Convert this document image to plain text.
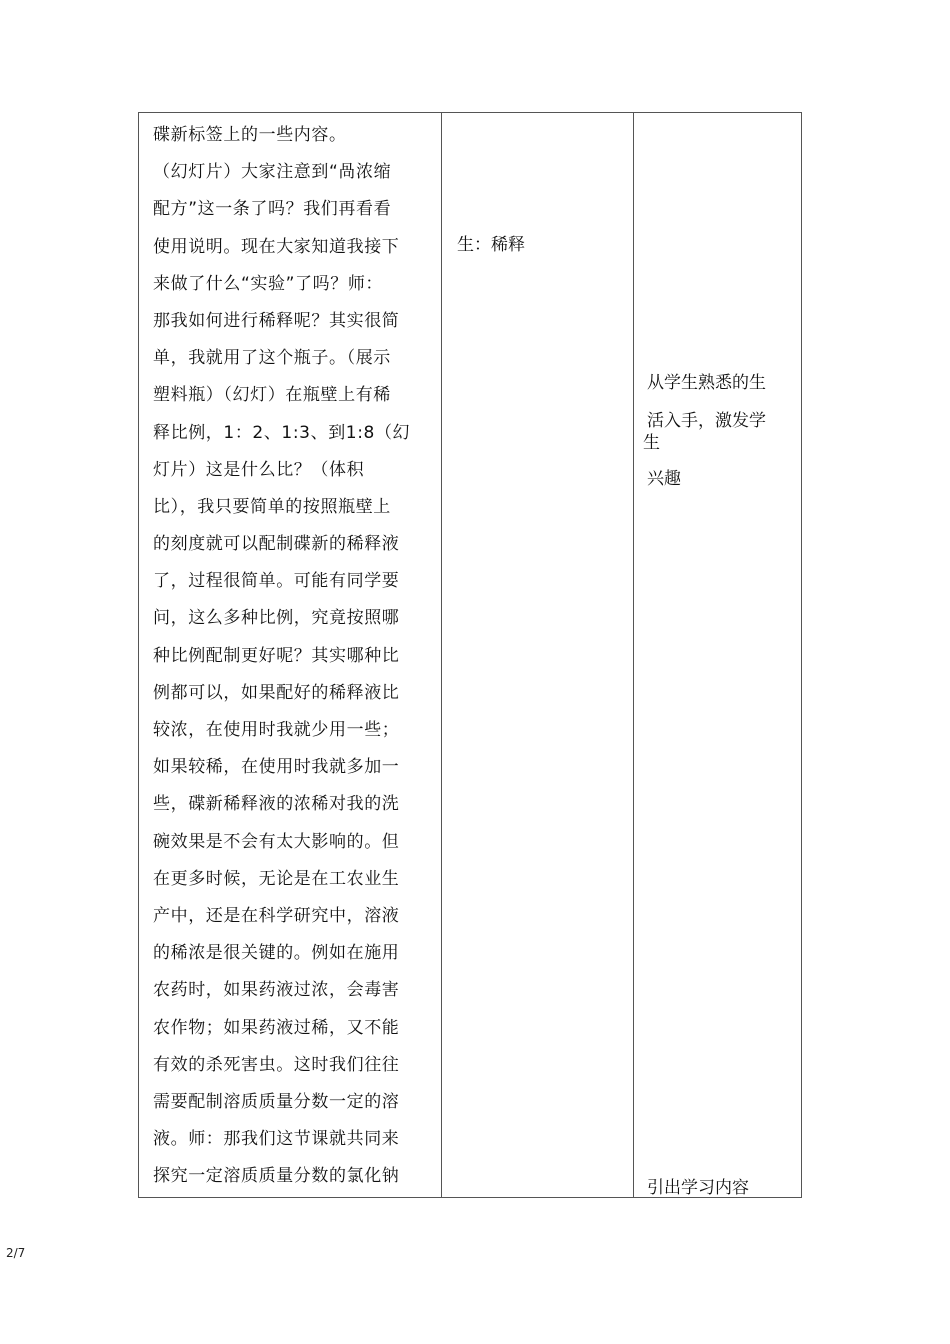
碟新标签上的一些内容。
（幻灯片）大家注意到“咼浓缩
配方”这一条了吗？我们再看看
使用说明。现在大家知道我接下
来做了什么“实验”了吗？师：
那我如何进行稀释呢？其实很简
单，我就用了这个瓶子。（展示
塑料瓶）（幻灯）在瓶壁上有稀
释比例，1：2、1:3、到1:8（幻
灯片）这是什么比？（体积
比），我只要简单的按照瓶壁上
的刻度就可以配制碟新的稀释液
了，过程很简单。可能有同学要
问，这么多种比例，究竟按照哪
种比例配制更好呢？其实哪种比
例都可以，如果配好的稀释液比
较浓，在使用时我就少用一些；
如果较稀，在使用时我就多加一
些，碟新稀释液的浓稀对我的洗
碗效果是不会有太大影响的。但
在更多时候，无论是在工农业生
产中，还是在科学研究中，溶液
的稀浓是很关键的。例如在施用
农药时，如果药液过浓，会毒害
农作物；如果药液过稀，又不能
有效的杀死害虫。这时我们往往
需要配制溶质质量分数一定的溶
液。师：那我们这节课就共同来
探究一定溶质质量分数的氯化钠
生：稀释
从学生熟悉的生
活入手，激发学
生
兴趣
引出学习内容
2/7
